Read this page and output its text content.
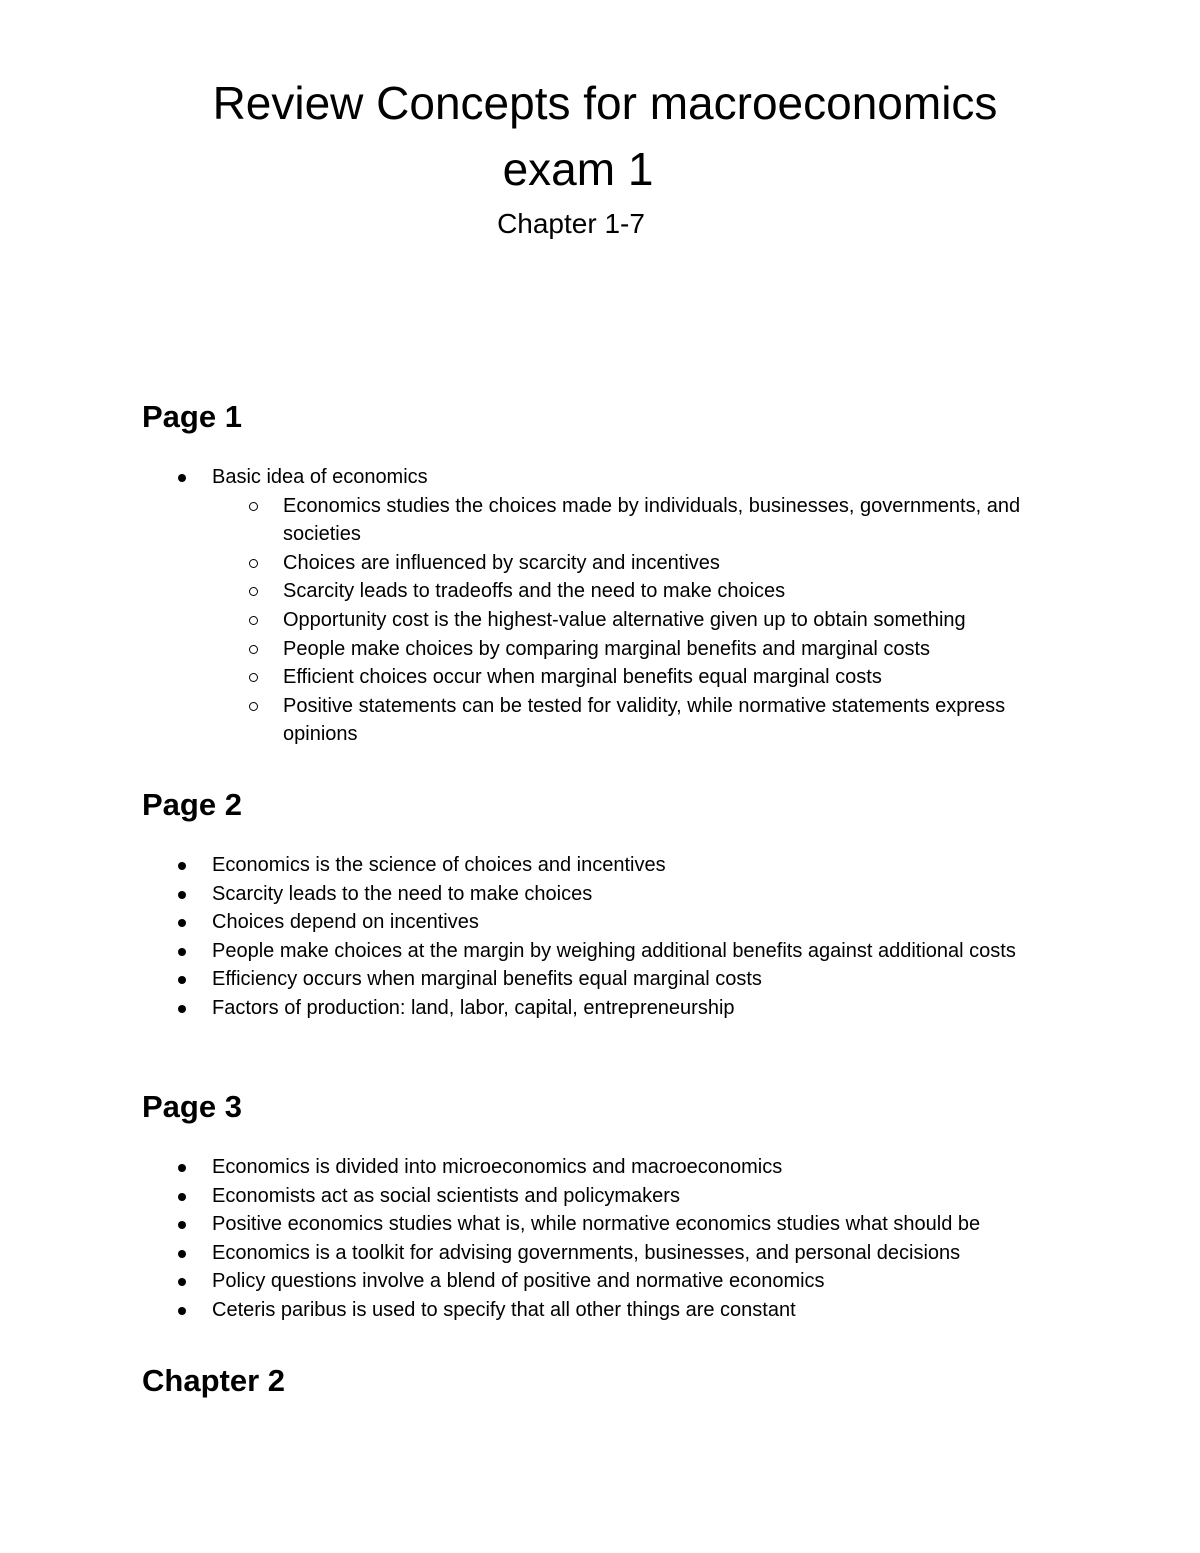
Review Concepts for macroeconomics
exam 1

Chapter 1-7

Page 1
Basic idea of economics
Economics studies the choices made by individuals, businesses, governments, and societies
Choices are influenced by scarcity and incentives
Scarcity leads to tradeoffs and the need to make choices
Opportunity cost is the highest-value alternative given up to obtain something
People make choices by comparing marginal benefits and marginal costs
Efficient choices occur when marginal benefits equal marginal costs
Positive statements can be tested for validity, while normative statements express opinions
Page 2
Economics is the science of choices and incentives
Scarcity leads to the need to make choices
Choices depend on incentives
People make choices at the margin by weighing additional benefits against additional costs
Efficiency occurs when marginal benefits equal marginal costs
Factors of production: land, labor, capital, entrepreneurship
Page 3
Economics is divided into microeconomics and macroeconomics
Economists act as social scientists and policymakers
Positive economics studies what is, while normative economics studies what should be
Economics is a toolkit for advising governments, businesses, and personal decisions
Policy questions involve a blend of positive and normative economics
Ceteris paribus is used to specify that all other things are constant
Chapter 2
